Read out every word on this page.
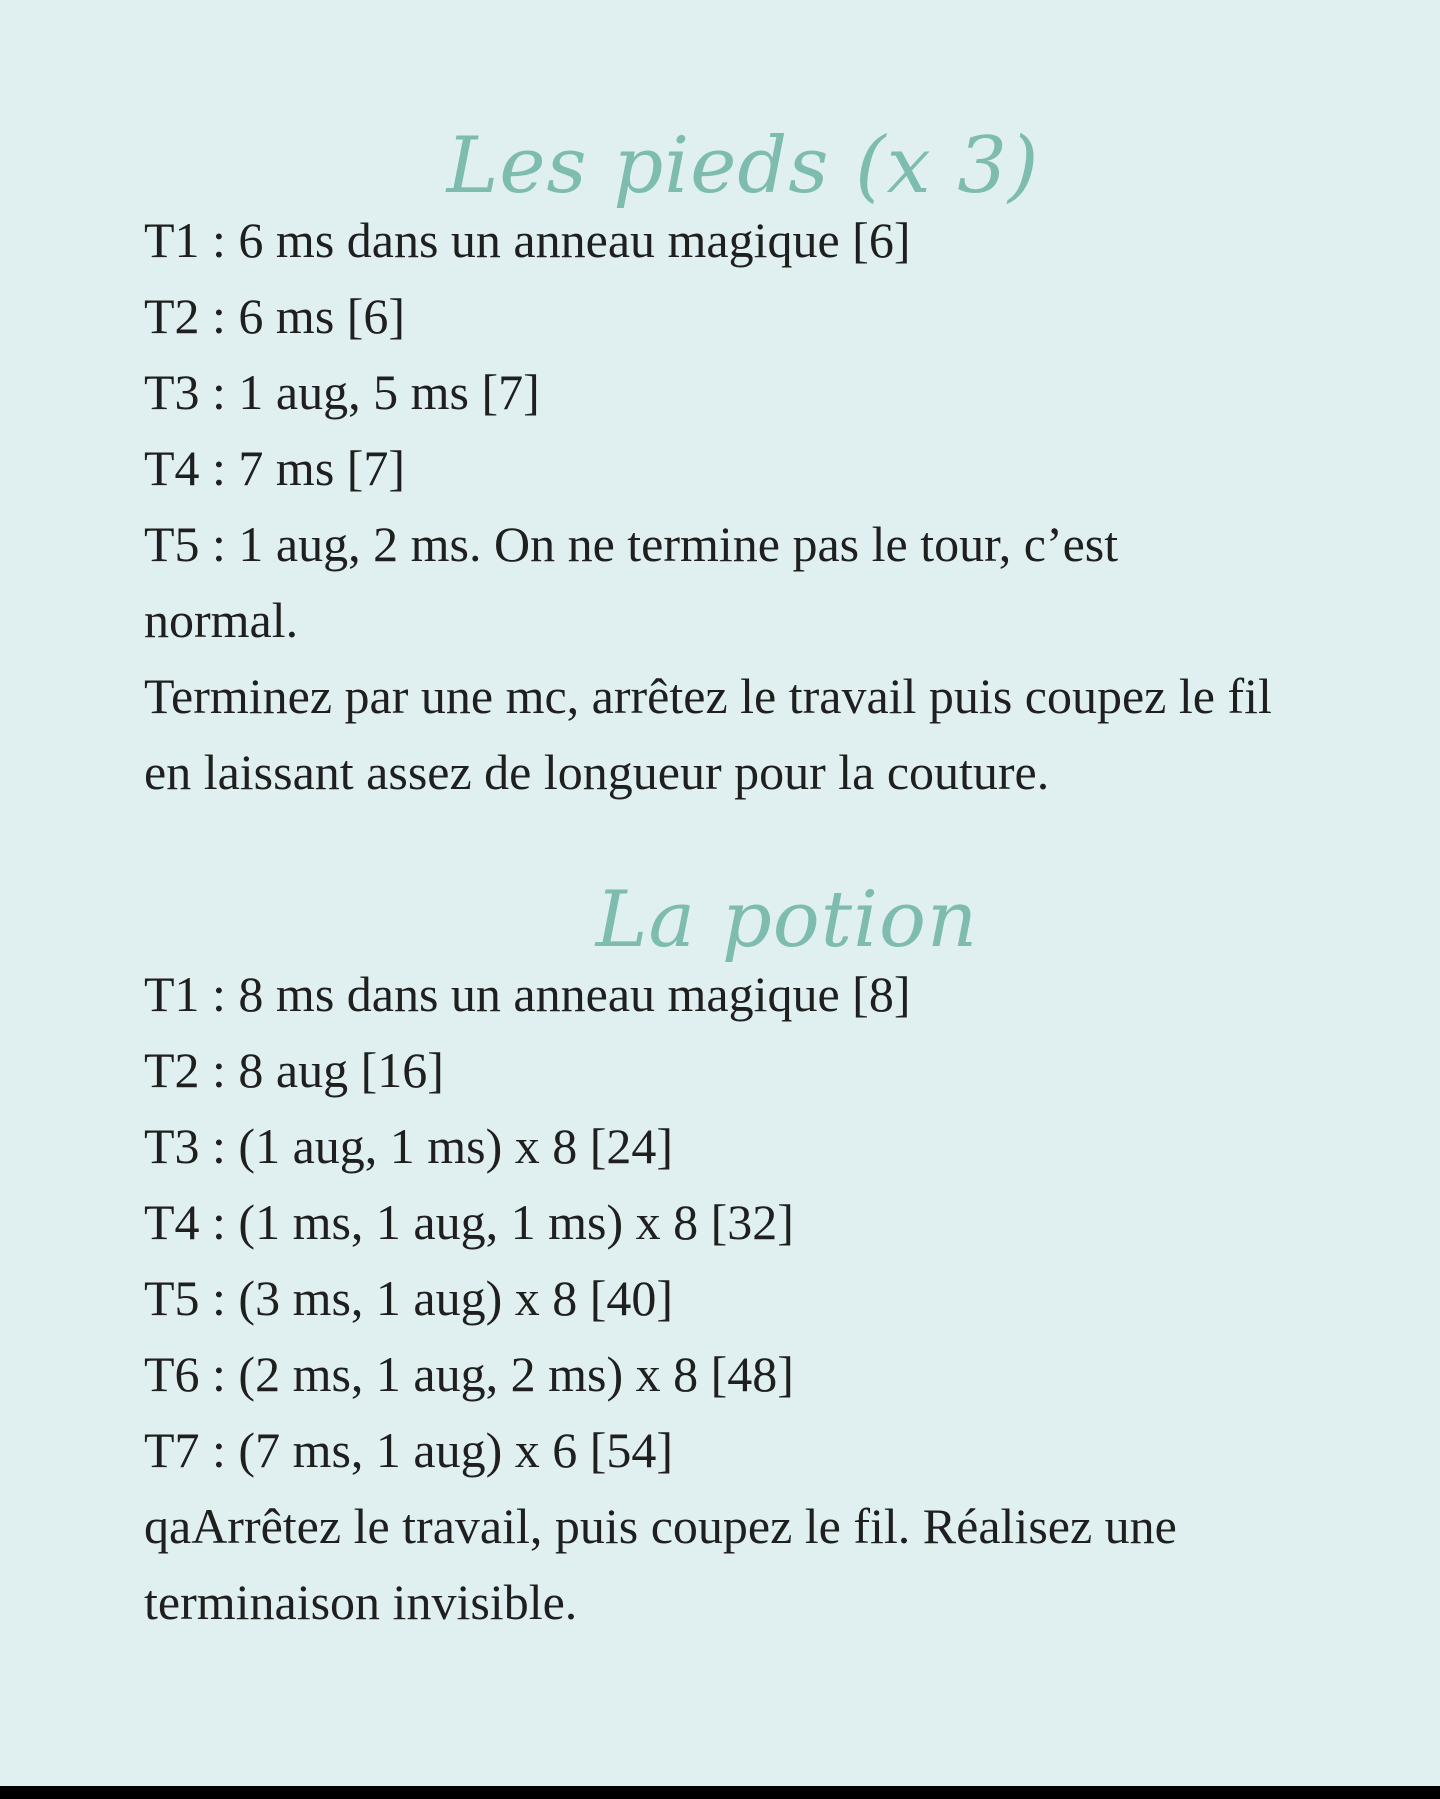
Les pieds (x 3)

T1 : 6 ms dans un anneau magique [6]

T2 : 6 ms [6]

T3 : 1 aug, 5 ms [7]

T4 : 7 ms [7]

T5 : 1 aug, 2 ms. On ne termine pas le tour, c’est normal.

Terminez par une mc, arrêtez le travail puis coupez le fil en laissant assez de longueur pour la couture.

La potion

T1 : 8 ms dans un anneau magique [8]

T2 : 8 aug [16]

T3 : (1 aug, 1 ms) x 8 [24]

T4 : (1 ms, 1 aug, 1 ms) x 8 [32]

T5 : (3 ms, 1 aug) x 8 [40]

T6 : (2 ms, 1 aug, 2 ms) x 8 [48]

T7 : (7 ms, 1 aug) x 6 [54]

qaArrêtez le travail, puis coupez le fil. Réalisez une terminaison invisible.
